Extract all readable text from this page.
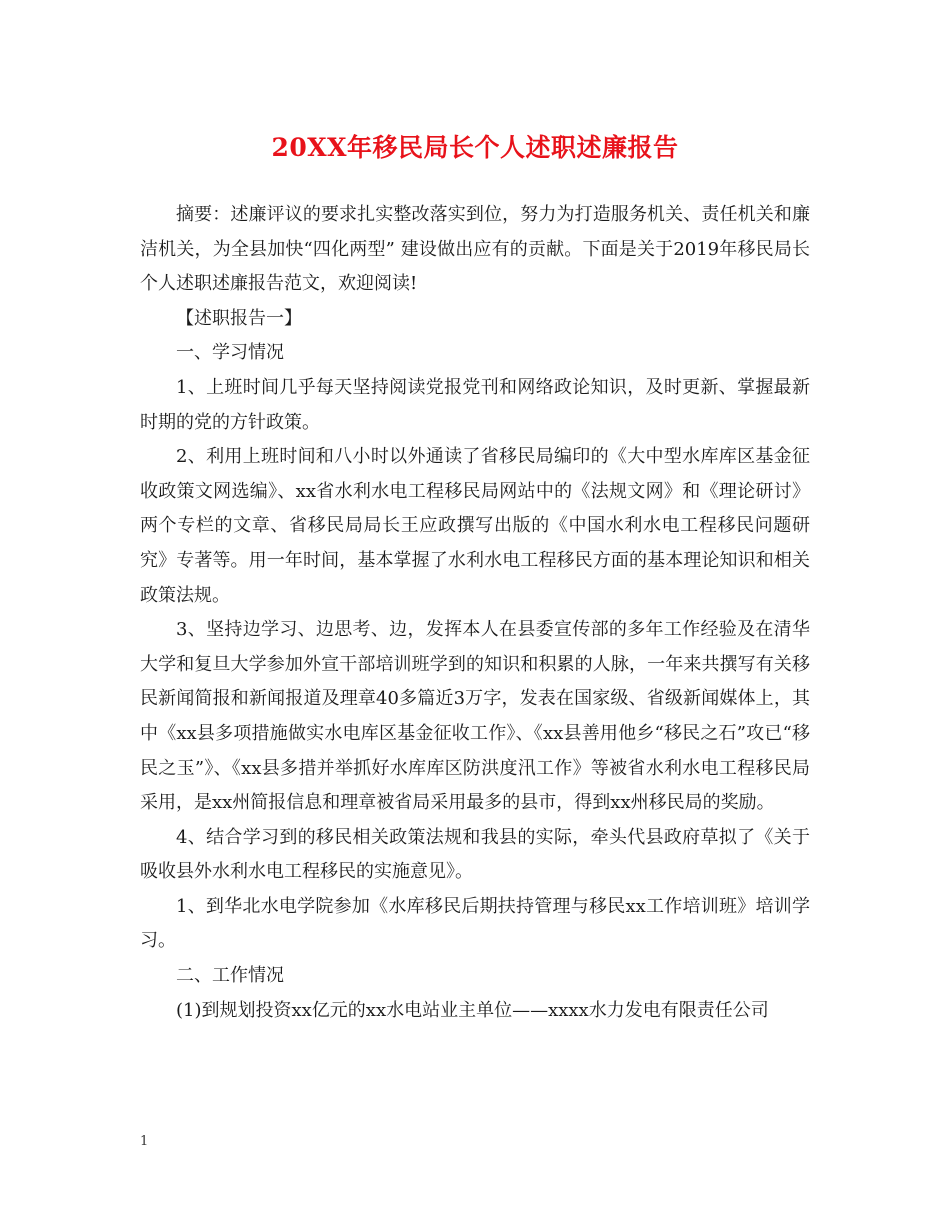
20XX年移民局长个人述职述廉报告

摘要：述廉评议的要求扎实整改落实到位，努力为打造服务机关、责任机关和廉洁机关，为全县加快“四化两型” 建设做出应有的贡献。下面是关于2019年移民局长个人述职述廉报告范文，欢迎阅读!

【述职报告一】

一、学习情况

1、上班时间几乎每天坚持阅读党报党刊和网络政论知识，及时更新、掌握最新时期的党的方针政策。

2、利用上班时间和八小时以外通读了省移民局编印的《大中型水库库区基金征收政策文网选编》、xx省水利水电工程移民局网站中的《法规文网》和《理论研讨》两个专栏的文章、省移民局局长王应政撰写出版的《中国水利水电工程移民问题研究》专著等。用一年时间，基本掌握了水利水电工程移民方面的基本理论知识和相关政策法规。

3、坚持边学习、边思考、边，发挥本人在县委宣传部的多年工作经验及在清华大学和复旦大学参加外宣干部培训班学到的知识和积累的人脉，一年来共撰写有关移民新闻简报和新闻报道及理章40多篇近3万字，发表在国家级、省级新闻媒体上，其中《xx县多项措施做实水电库区基金征收工作》、《xx县善用他乡“移民之石”攻已“移民之玉”》、《xx县多措并举抓好水库库区防洪度汛工作》等被省水利水电工程移民局采用，是xx州简报信息和理章被省局采用最多的县市，得到xx州移民局的奖励。

4、结合学习到的移民相关政策法规和我县的实际，牵头代县政府草拟了《关于吸收县外水利水电工程移民的实施意见》。

1、到华北水电学院参加《水库移民后期扶持管理与移民xx工作培训班》培训学习。

二、工作情况

(1)到规划投资xx亿元的xx水电站业主单位——xxxx水力发电有限责任公司

1
